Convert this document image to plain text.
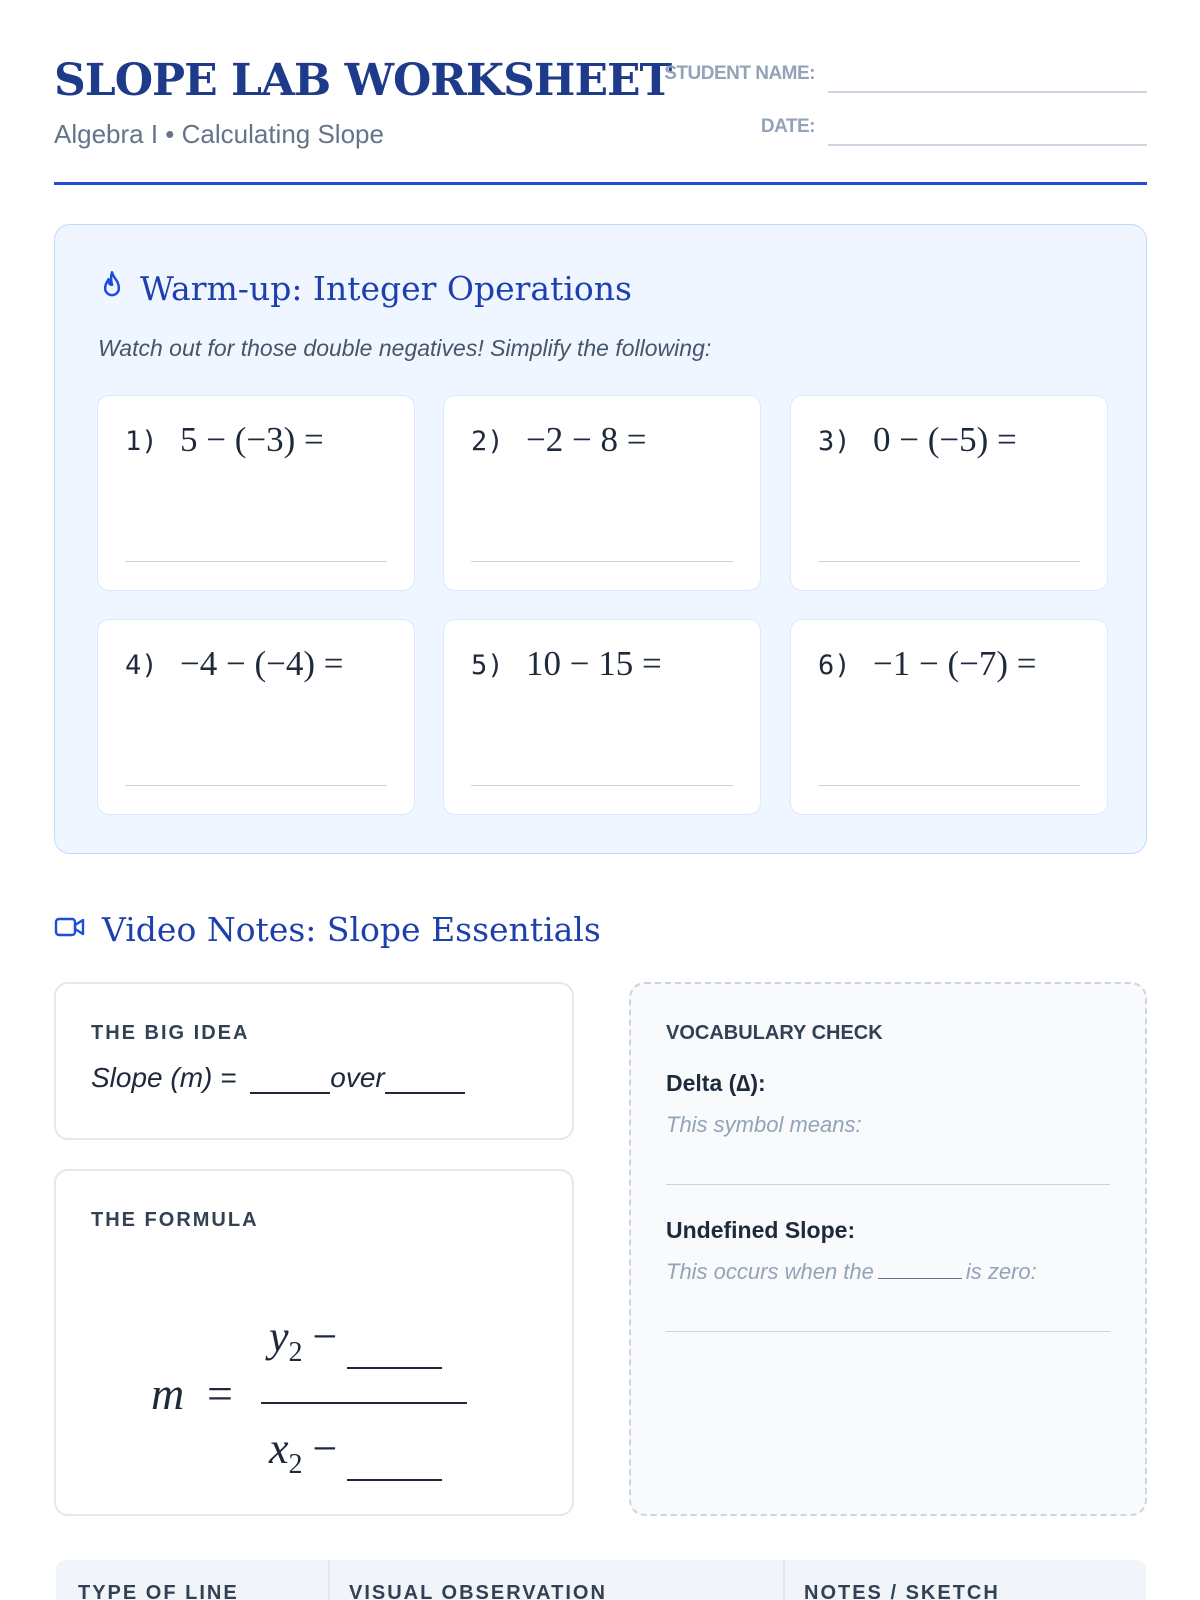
SLOPE LAB WORKSHEET
Algebra I • Calculating Slope
STUDENT NAME:
DATE:
Warm-up: Integer Operations
Watch out for those double negatives! Simplify the following:
1) 5 − (−3) =	2) −2 − 8 =	3) 0 − (−5) =
4) −4 − (−4) =	5) 10 − 15 =	6) −1 − (−7) =
Video Notes: Slope Essentials
THE BIG IDEA
Slope (m) =	over
THE FORMULA
m =
$y_2$ −
$x_2$ −
VOCABULARY CHECK
Delta (∆):
This symbol means:
Undefined Slope:
This occurs when the	is zero:
TYPE OF LINE	VISUAL OBSERVATION	NOTES / SKETCH
